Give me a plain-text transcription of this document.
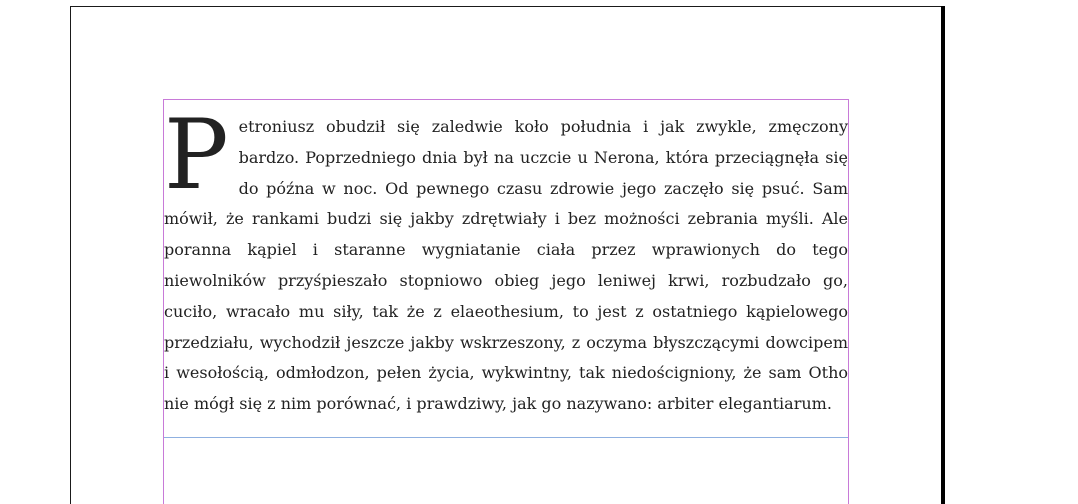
Petroniusz obudził się zaledwie koło południa i jak zwykle, zmęczony bardzo. Poprzedniego dnia był na uczcie u Nerona, która przeciągnęła się do późna w noc. Od pewnego czasu zdrowie jego zaczęło się psuć. Sam mówił, że rankami budzi się jakby zdrętwiały i bez możności zebrania myśli. Ale poranna kąpiel i staranne wygniatanie ciała przez wprawionych do tego niewolników przyśpieszało stopniowo obieg jego leniwej krwi, rozbudzało go, cuciło, wracało mu siły, tak że z elaeothesium, to jest z ostatniego kąpielowego przedziału, wychodził jeszcze jakby wskrzeszony, z oczyma błyszczącymi dowcipem i wesołością, odmłodzon, pełen życia, wykwintny, tak niedościgniony, że sam Otho nie mógł się z nim porównać, i prawdziwy, jak go nazywano: arbiter elegantiarum.
